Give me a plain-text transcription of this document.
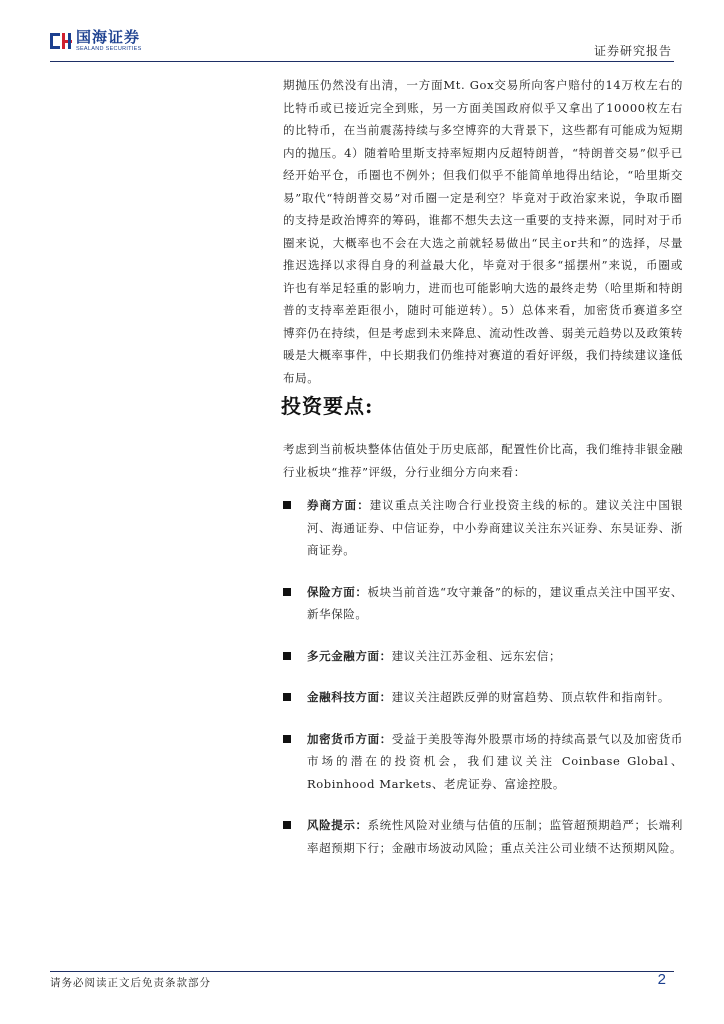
国海证券
SEALAND SECURITIES	证券研究报告
期抛压仍然没有出清，一方面Mt. Gox交易所向客户赔付的14万枚左右的比特币或已接近完全到账，另一方面美国政府似乎又拿出了10000枚左右的比特币，在当前震荡持续与多空博弈的大背景下，这些都有可能成为短期内的抛压。4）随着哈里斯支持率短期内反超特朗普，“特朗普交易”似乎已经开始平仓，币圈也不例外；但我们似乎不能简单地得出结论，“哈里斯交易”取代“特朗普交易”对币圈一定是利空？毕竟对于政治家来说，争取币圈的支持是政治博弈的筹码，谁都不想失去这一重要的支持来源，同时对于币圈来说，大概率也不会在大选之前就轻易做出“民主or共和”的选择，尽量推迟选择以求得自身的利益最大化，毕竟对于很多“摇摆州”来说，币圈或许也有举足轻重的影响力，进而也可能影响大选的最终走势（哈里斯和特朗普的支持率差距很小，随时可能逆转）。5）总体来看，加密货币赛道多空博弈仍在持续，但是考虑到未来降息、流动性改善、弱美元趋势以及政策转暖是大概率事件，中长期我们仍维持对赛道的看好评级，我们持续建议逢低布局。
投资要点:
考虑到当前板块整体估值处于历史底部，配置性价比高，我们维持非银金融行业板块“推荐”评级，分行业细分方向来看：
券商方面：建议重点关注吻合行业投资主线的标的。建议关注中国银河、海通证券、中信证券，中小券商建议关注东兴证券、东吴证券、浙商证券。
保险方面：板块当前首选“攻守兼备”的标的，建议重点关注中国平安、新华保险。
多元金融方面：建议关注江苏金租、远东宏信；
金融科技方面：建议关注超跌反弹的财富趋势、顶点软件和指南针。
加密货币方面：受益于美股等海外股票市场的持续高景气以及加密货币市场的潜在的投资机会，我们建议关注 Coinbase Global、Robinhood Markets、老虎证券、富途控股。
风险提示：系统性风险对业绩与估值的压制；监管超预期趋严；长端利率超预期下行；金融市场波动风险；重点关注公司业绩不达预期风险。
请务必阅读正文后免责条款部分	2
